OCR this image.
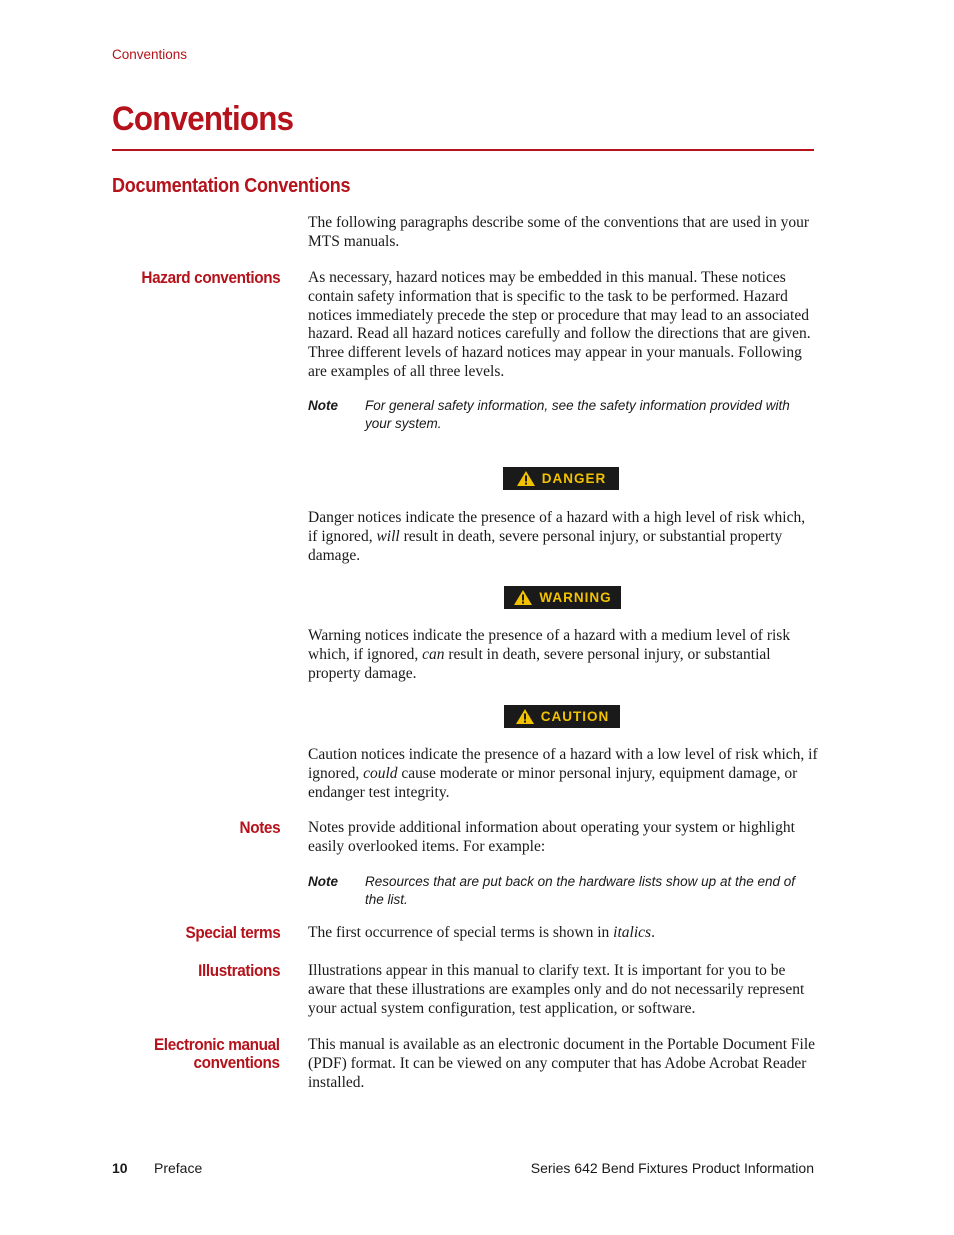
Conventions
Conventions
Documentation Conventions

The following paragraphs describe some of the conventions that are used in your MTS manuals.

Hazard conventions As necessary, hazard notices may be embedded in this manual. These notices contain safety information that is specific to the task to be performed. Hazard notices immediately precede the step or procedure that may lead to an associated hazard. Read all hazard notices carefully and follow the directions that are given. Three different levels of hazard notices may appear in your manuals. Following are examples of all three levels.

Note For general safety information, see the safety information provided with your system.
DANGER

Danger notices indicate the presence of a hazard with a high level of risk which, if ignored, will result in death, severe personal injury, or substantial property damage.

WARNING

Warning notices indicate the presence of a hazard with a medium level of risk which, if ignored, can result in death, severe personal injury, or substantial property damage.

CAUTION

Caution notices indicate the presence of a hazard with a low level of risk which, if ignored, could cause moderate or minor personal injury, equipment damage, or endanger test integrity.

Notes Notes provide additional information about operating your system or highlight easily overlooked items. For example:

Note Resources that are put back on the hardware lists show up at the end of the list.
Special terms The first occurrence of special terms is shown in italics.

Illustrations Illustrations appear in this manual to clarify text. It is important for you to be aware that these illustrations are examples only and do not necessarily represent your actual system configuration, test application, or software.

Electronic manual
conventions

This manual is available as an electronic document in the Portable Document File (PDF) format. It can be viewed on any computer that has Adobe Acrobat Reader installed.

10 Preface	Series 642 Bend Fixtures Product Information
